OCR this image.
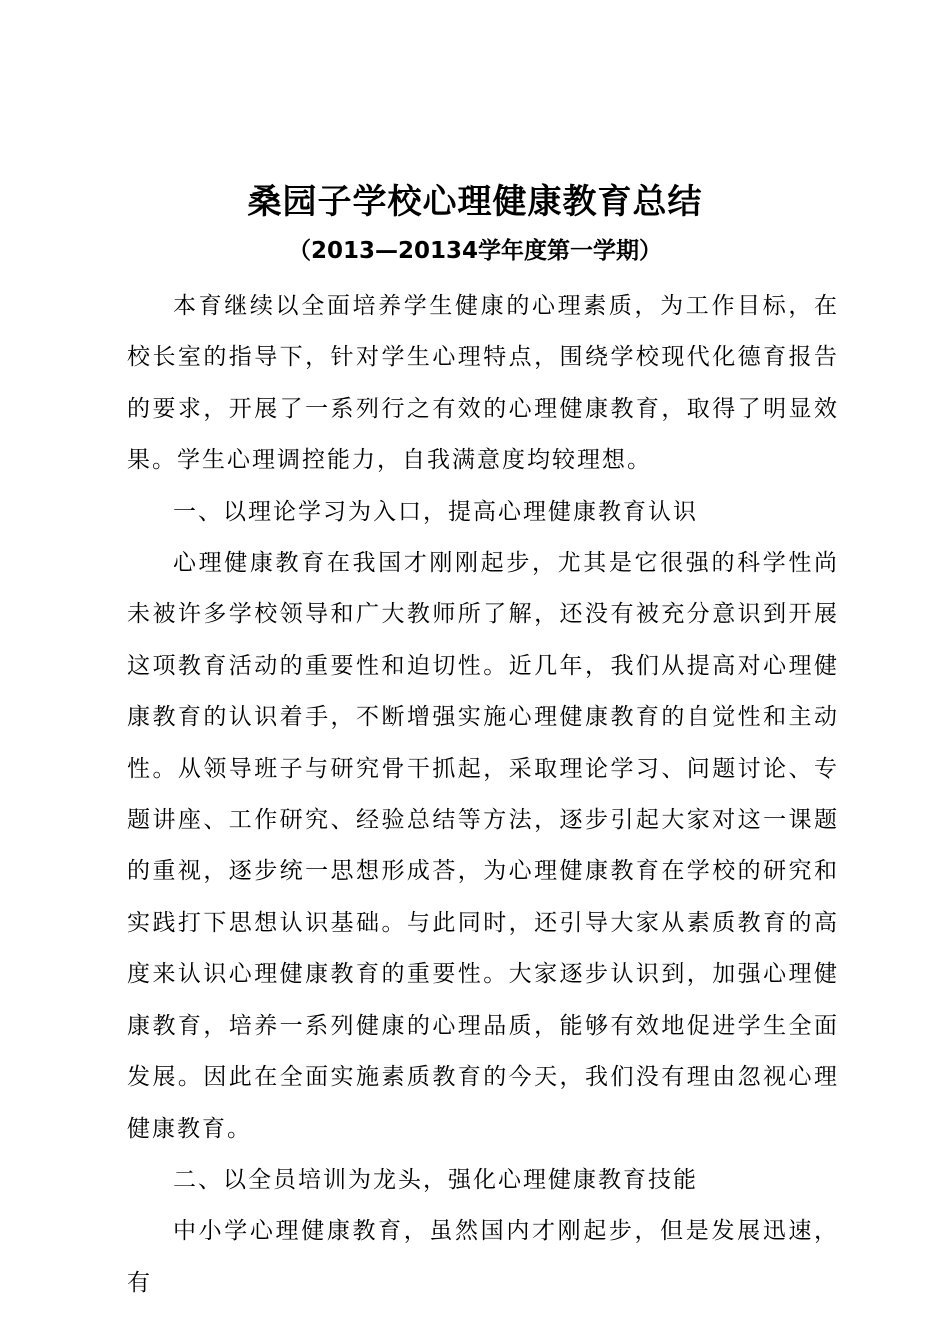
桑园子学校心理健康教育总结
（2013—20134学年度第一学期）

本育继续以全面培养学生健康的心理素质，为工作目标，在校长室的指导下，针对学生心理特点，围绕学校现代化德育报告的要求，开展了一系列行之有效的心理健康教育，取得了明显效果。学生心理调控能力，自我满意度均较理想。

一、以理论学习为入口，提高心理健康教育认识

心理健康教育在我国才刚刚起步，尤其是它很强的科学性尚未被许多学校领导和广大教师所了解，还没有被充分意识到开展这项教育活动的重要性和迫切性。近几年，我们从提高对心理健康教育的认识着手，不断增强实施心理健康教育的自觉性和主动性。从领导班子与研究骨干抓起，采取理论学习、问题讨论、专题讲座、工作研究、经验总结等方法，逐步引起大家对这一课题的重视，逐步统一思想形成荅，为心理健康教育在学校的研究和实践打下思想认识基础。与此同时，还引导大家从素质教育的高度来认识心理健康教育的重要性。大家逐步认识到，加强心理健康教育，培养一系列健康的心理品质，能够有效地促进学生全面发展。因此在全面实施素质教育的今天，我们没有理由忽视心理健康教育。

二、以全员培训为龙头，强化心理健康教育技能

中小学心理健康教育，虽然国内才刚起步，但是发展迅速，有
